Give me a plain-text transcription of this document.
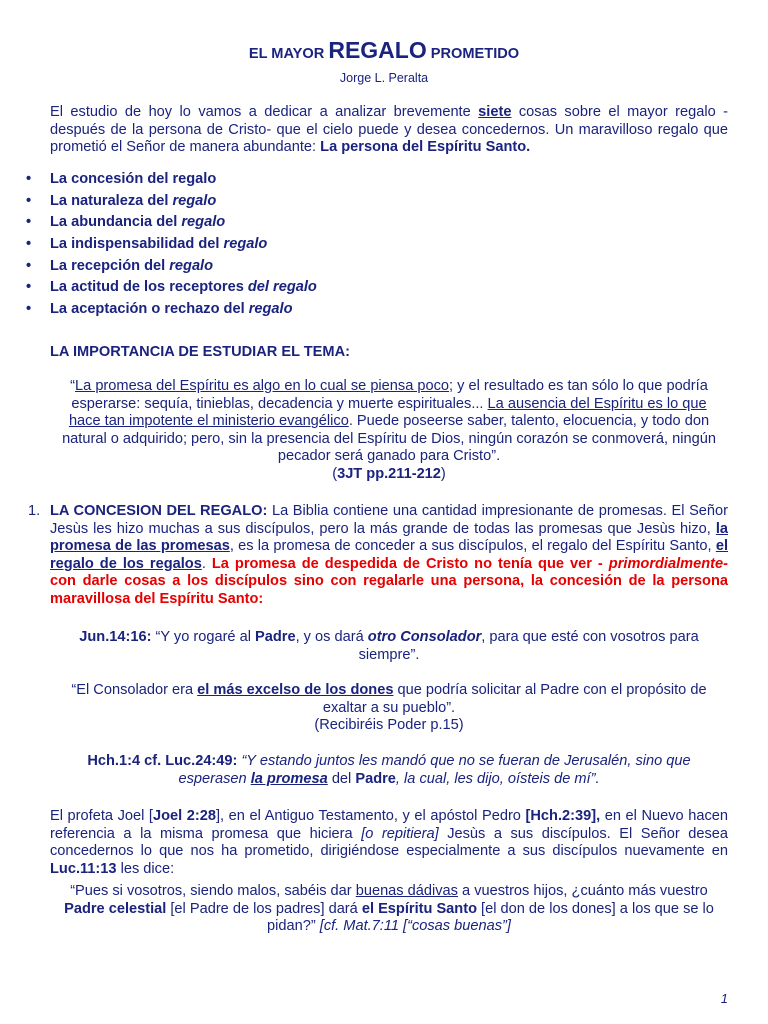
EL MAYOR REGALO PROMETIDO
Jorge L. Peralta
El estudio de hoy lo vamos a dedicar a analizar brevemente siete cosas sobre el mayor regalo - después de la persona de Cristo- que el cielo puede y desea concedernos. Un maravilloso regalo que prometió el Señor de manera abundante: La persona del Espíritu Santo.
• La concesión del regalo
• La naturaleza del regalo
• La abundancia del regalo
• La indispensabilidad del regalo
• La recepción del regalo
• La actitud de los receptores del regalo
• La aceptación o rechazo del regalo
LA IMPORTANCIA DE ESTUDIAR EL TEMA:
“La promesa del Espíritu es algo en lo cual se piensa poco; y el resultado es tan sólo lo que podría esperarse: sequía, tinieblas, decadencia y muerte espirituales... La ausencia del Espíritu es lo que hace tan impotente el ministerio evangélico. Puede poseerse saber, talento, elocuencia, y todo don natural o adquirido; pero, sin la presencia del Espíritu de Dios, ningún corazón se conmoverá, ningún pecador será ganado para Cristo”.
(3JT pp.211-212)
1. LA CONCESION DEL REGALO: La Biblia contiene una cantidad impresionante de promesas. El Señor Jesùs les hizo muchas a sus discípulos, pero la más grande de todas las promesas que Jesùs hizo, la promesa de las promesas, es la promesa de conceder a sus discípulos, el regalo del Espíritu Santo, el regalo de los regalos. La promesa de despedida de Cristo no tenía que ver - primordialmente- con darle cosas a los discípulos sino con regalarle una persona, la concesión de la persona maravillosa del Espíritu Santo:
Jun.14:16: “Y yo rogaré al Padre, y os dará otro Consolador, para que esté con vosotros para siempre”.
“El Consolador era el más excelso de los dones que podría solicitar al Padre con el propósito de exaltar a su pueblo”.
(Recibiréis Poder p.15)
Hch.1:4 cf. Luc.24:49: “Y estando juntos les mandó que no se fueran de Jerusalén, sino que esperasen la promesa del Padre, la cual, les dijo, oísteis de mí”.
El profeta Joel [Joel 2:28], en el Antiguo Testamento, y el apóstol Pedro [Hch.2:39], en el Nuevo hacen referencia a la misma promesa que hiciera [o repitiera] Jesùs a sus discípulos. El Señor desea concedernos lo que nos ha prometido, dirigiéndose especialmente a sus discípulos nuevamente en Luc.11:13 les dice:
“Pues si vosotros, siendo malos, sabéis dar buenas dádivas a vuestros hijos, ¿cuánto más vuestro Padre celestial [el Padre de los padres] dará el Espíritu Santo [el don de los dones] a los que se lo pidan?” [cf. Mat.7:11 [“cosas buenas”]
1
